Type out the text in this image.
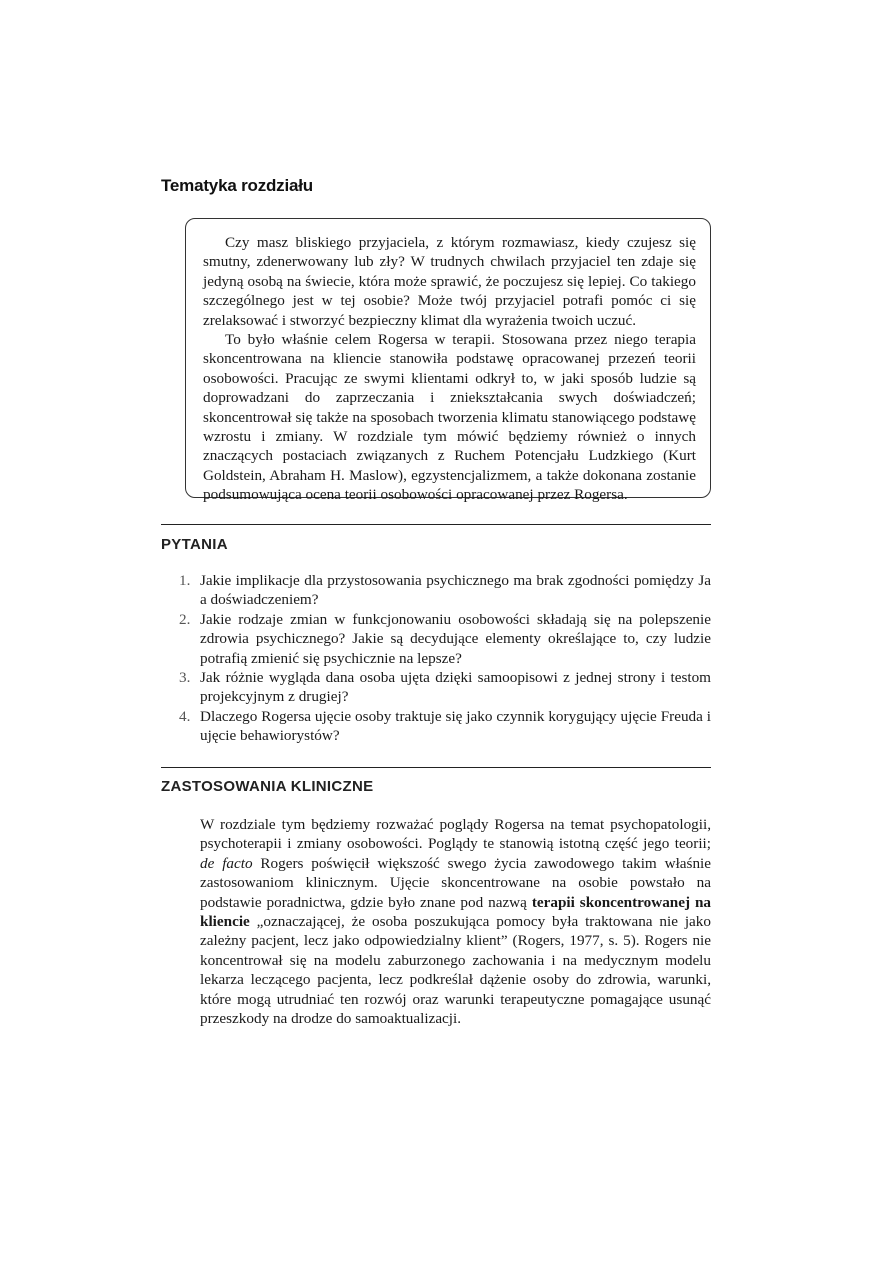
Tematyka rozdziału

Czy masz bliskiego przyjaciela, z którym rozmawiasz, kiedy czujesz się smutny, zdenerwowany lub zły? W trudnych chwilach przyjaciel ten zdaje się jedyną osobą na świecie, która może sprawić, że poczujesz się lepiej. Co takiego szczególnego jest w tej osobie? Może twój przyjaciel potrafi pomóc ci się zrelaksować i stworzyć bezpieczny klimat dla wyrażenia twoich uczuć.

To było właśnie celem Rogersa w terapii. Stosowana przez niego terapia skoncentrowana na kliencie stanowiła podstawę opracowanej przezeń teorii osobowości. Pracując ze swymi klientami odkrył to, w jaki sposób ludzie są doprowadzani do zaprzeczania i zniekształcania swych doświadczeń; skoncentrował się także na sposobach tworzenia klimatu stanowiącego podstawę wzrostu i zmiany. W rozdziale tym mówić będziemy również o innych znaczących postaciach związanych z Ruchem Potencjału Ludzkiego (Kurt Goldstein, Abraham H. Maslow), egzystencjalizmem, a także dokonana zostanie podsumowująca ocena teorii osobowości opracowanej przez Rogersa.

PYTANIA
1. Jakie implikacje dla przystosowania psychicznego ma brak zgodności pomiędzy Ja a doświadczeniem?
2. Jakie rodzaje zmian w funkcjonowaniu osobowości składają się na polepszenie zdrowia psychicznego? Jakie są decydujące elementy określające to, czy ludzie potrafią zmienić się psychicznie na lepsze?
3. Jak różnie wygląda dana osoba ujęta dzięki samoopisowi z jednej strony i testom projekcyjnym z drugiej?
4. Dlaczego Rogersa ujęcie osoby traktuje się jako czynnik korygujący ujęcie Freuda i ujęcie behawiorystów?
ZASTOSOWANIA KLINICZNE

W rozdziale tym będziemy rozważać poglądy Rogersa na temat psychopatologii, psychoterapii i zmiany osobowości. Poglądy te stanowią istotną część jego teorii; de facto Rogers poświęcił większość swego życia zawodowego takim właśnie zastosowaniom klinicznym. Ujęcie skoncentrowane na osobie powstało na podstawie poradnictwa, gdzie było znane pod nazwą terapii skoncentrowanej na kliencie „oznaczającej, że osoba poszukująca pomocy była traktowana nie jako zależny pacjent, lecz jako odpowiedzialny klient” (Rogers, 1977, s. 5). Rogers nie koncentrował się na modelu zaburzonego zachowania i na medycznym modelu lekarza leczącego pacjenta, lecz podkreślał dążenie osoby do zdrowia, warunki, które mogą utrudniać ten rozwój oraz warunki terapeutyczne pomagające usunąć przeszkody na drodze do samoaktualizacji.
